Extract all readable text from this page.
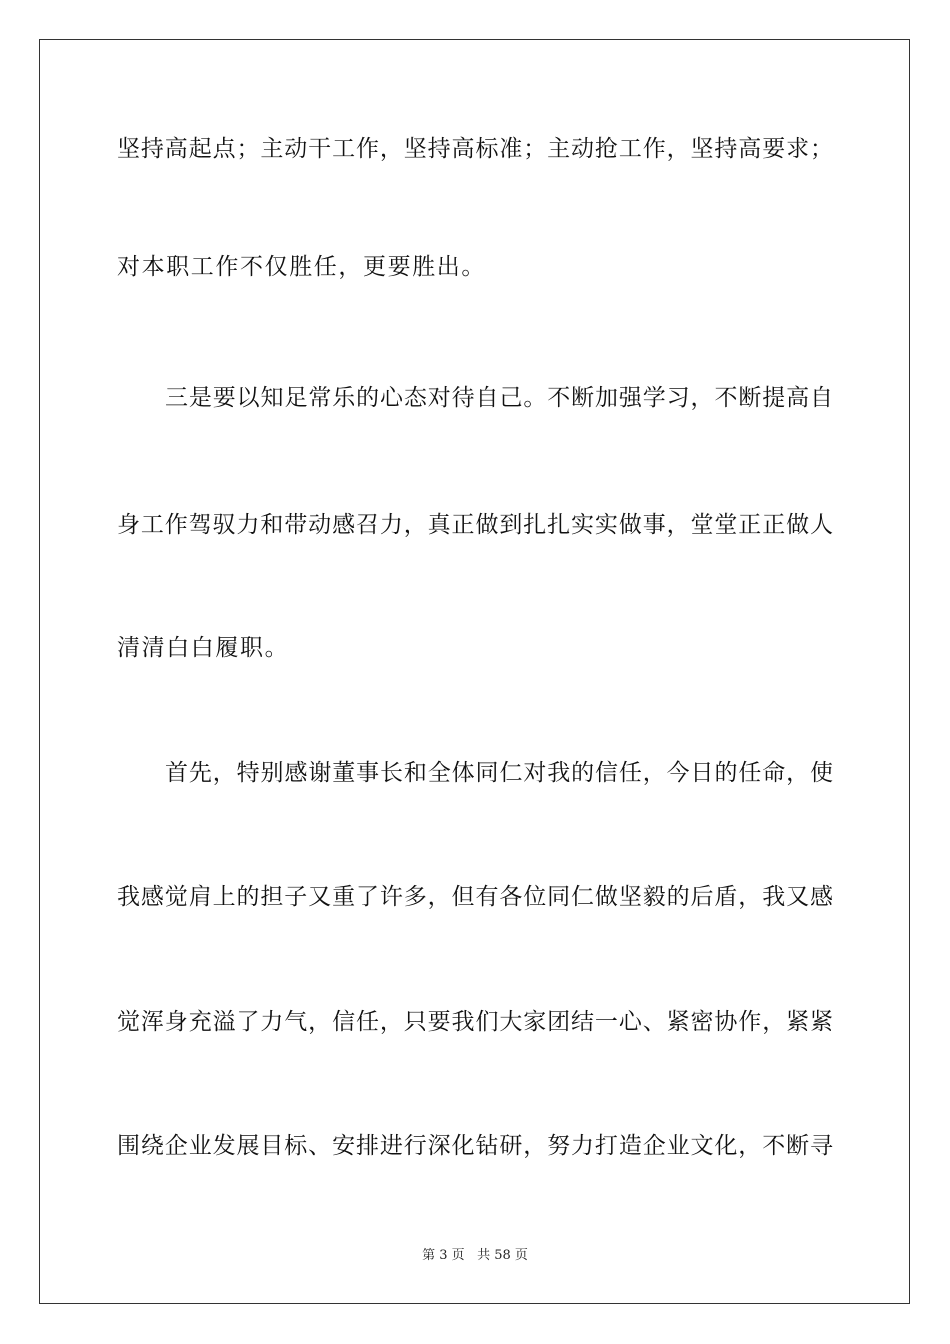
坚持高起点；主动干工作，坚持高标准；主动抢工作，坚持高要求；
对本职工作不仅胜任，更要胜出。
三是要以知足常乐的心态对待自己。不断加强学习，不断提高自
身工作驾驭力和带动感召力，真正做到扎扎实实做事，堂堂正正做人
清清白白履职。
首先，特别感谢董事长和全体同仁对我的信任，今日的任命，使
我感觉肩上的担子又重了许多，但有各位同仁做坚毅的后盾，我又感
觉浑身充溢了力气，信任，只要我们大家团结一心、紧密协作，紧紧
围绕企业发展目标、安排进行深化钻研，努力打造企业文化，不断寻
第 3 页 共 58 页
